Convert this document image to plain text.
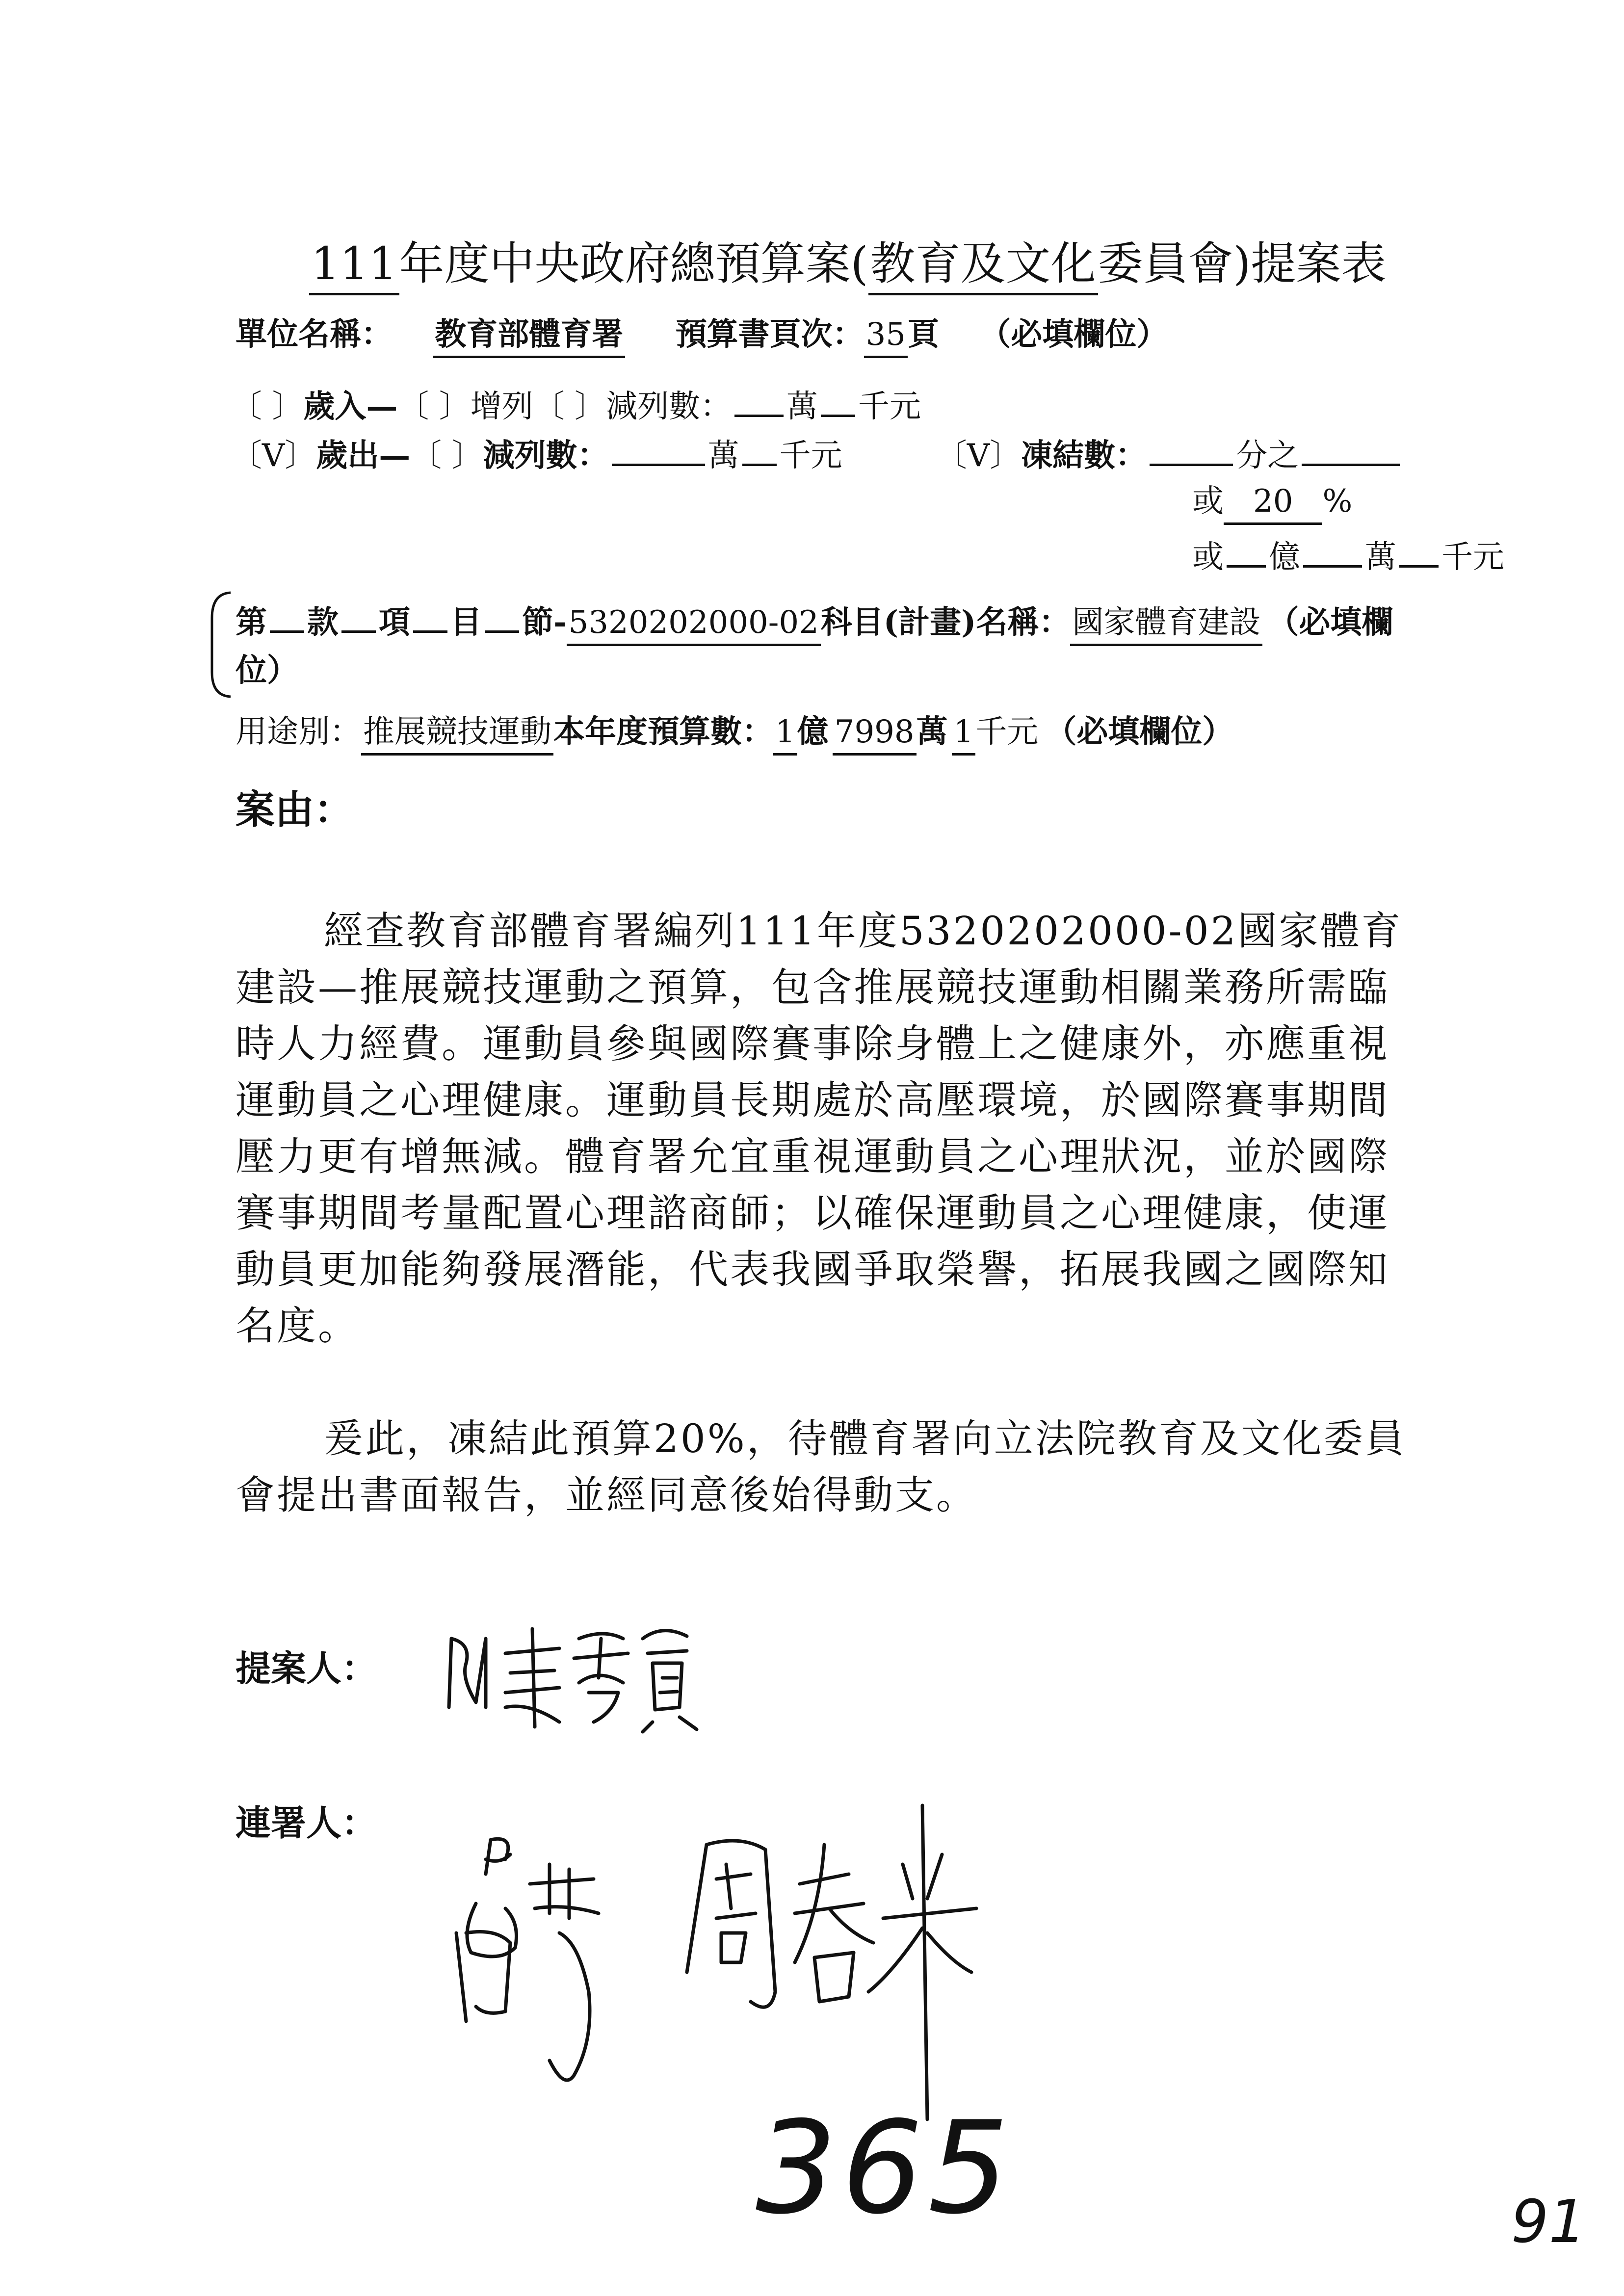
111年度中央政府總預算案(教育及文化委員會)提案表
單位名稱： 教育部體育署 預算書頁次：35頁 （必填欄位）
〔 〕歲入—〔 〕增列〔 〕減列數： 萬 千元
〔V〕歲出—〔 〕減列數：	萬 千元	〔V〕凍結數：	分之
或 20 %
或 億 萬 千元
第 款 項 目 節-5320202000-02科目(計畫)名稱：國家體育建設 （必填欄
位）
用途別：推展競技運動本年度預算數：1億 7998萬 1千元 （必填欄位）
案由：
經查教育部體育署編列111年度5320202000-02國家體育建設—推展競技運動之預算，包含推展競技運動相關業務所需臨時人力經費。運動員參與國際賽事除身體上之健康外，亦應重視運動員之心理健康。運動員長期處於高壓環境，於國際賽事期間壓力更有增無減。體育署允宜重視運動員之心理狀況，並於國際賽事期間考量配置心理諮商師；以確保運動員之心理健康，使運動員更加能夠發展潛能，代表我國爭取榮譽，拓展我國之國際知名度。
爰此，凍結此預算20%，待體育署向立法院教育及文化委員會提出書面報告，並經同意後始得動支。
提案人：
連署人：
365	91
